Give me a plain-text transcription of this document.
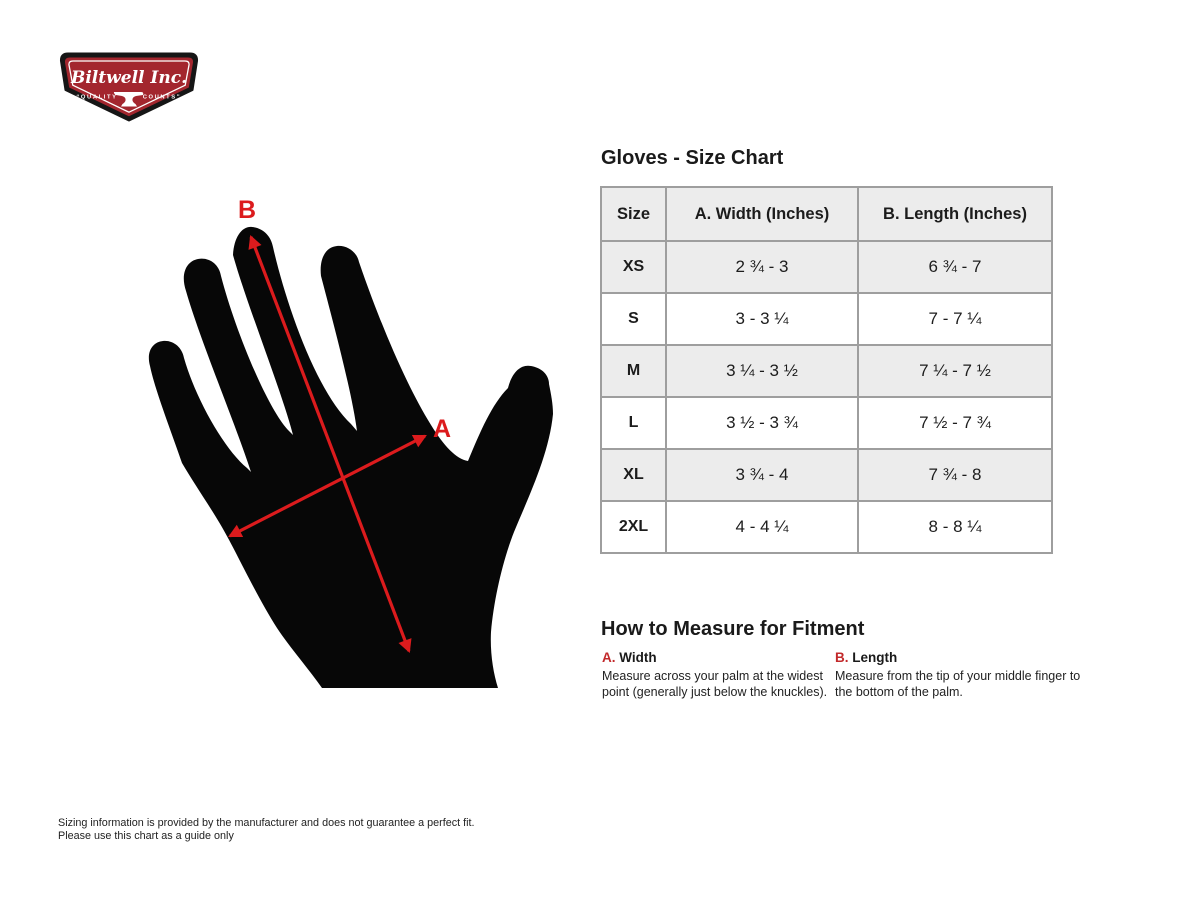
Biltwell Inc.
“QUALITY	COUNTS”
B
A
Gloves - Size Chart
Size	A. Width (Inches)	B. Length (Inches)
XS	2 ¾ - 3	6 ¾ - 7
S	3 - 3 ¼	7 - 7 ¼
M	3 ¼ - 3 ½	7 ¼ - 7 ½
L	3 ½ - 3 ¾	7 ½ - 7 ¾
XL	3 ¾ - 4	7 ¾ - 8
2XL	4 - 4 ¼	8 - 8 ¼
How to Measure for Fitment
A. Width

Measure across your palm at the widest point (generally just below the knuckles).

B. Length

Measure from the tip of your middle finger to the bottom of the palm.

Sizing information is provided by the manufacturer and does not guarantee a perfect fit.
Please use this chart as a guide only
